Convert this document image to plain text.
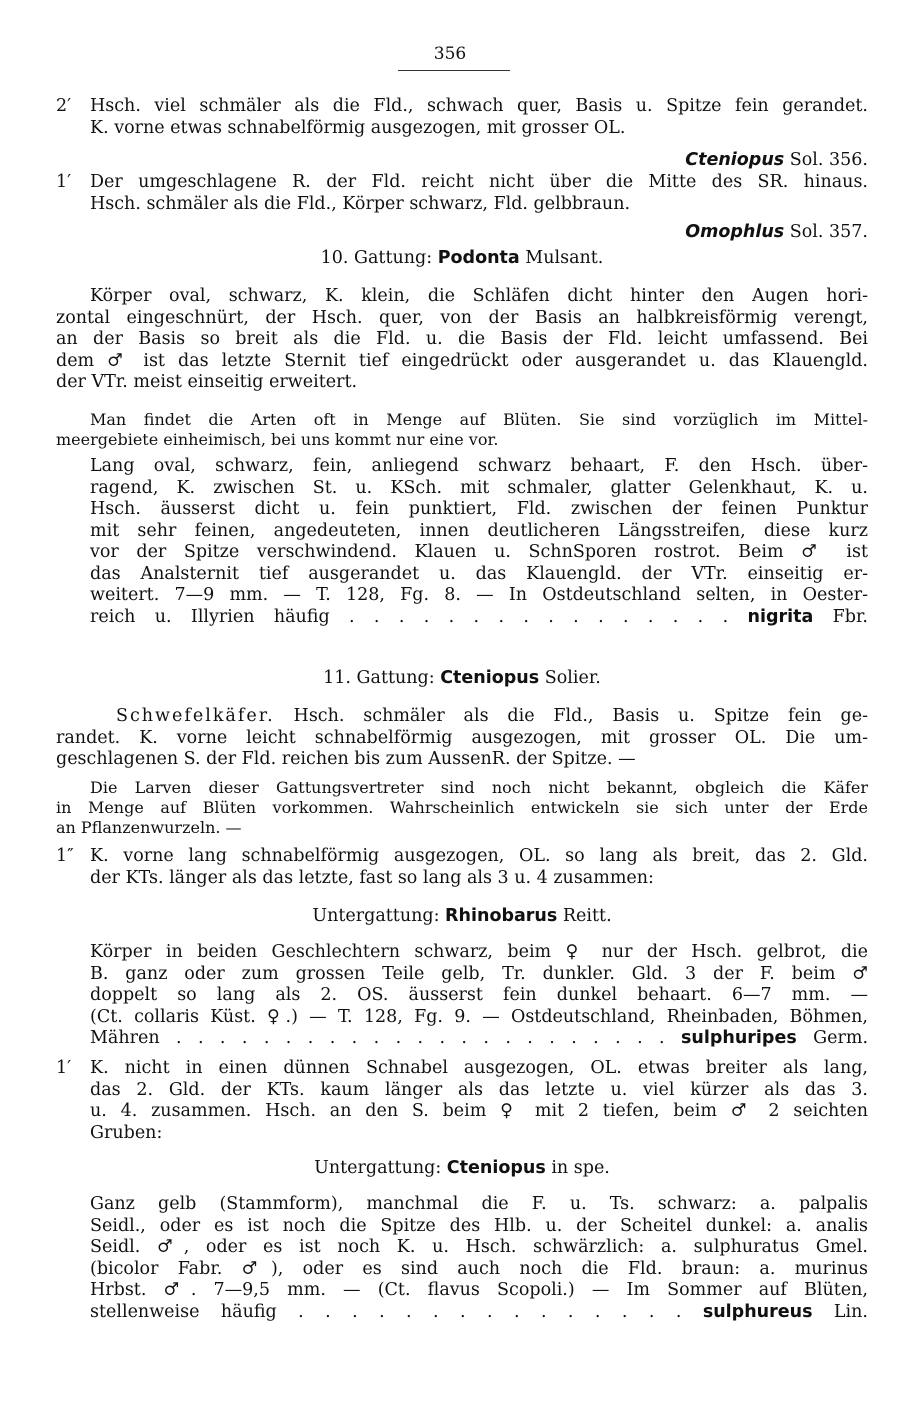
356
2′ Hsch. viel schmäler als die Fld., schwach quer, Basis u. Spitze fein gerandet.
K. vorne etwas schnabelförmig ausgezogen, mit grosser OL.
Cteniopus Sol. 356.
1′ Der umgeschlagene R. der Fld. reicht nicht über die Mitte des SR. hinaus.
Hsch. schmäler als die Fld., Körper schwarz, Fld. gelbbraun.
Omophlus Sol. 357.
10. Gattung: Podonta Mulsant.
Körper oval, schwarz, K. klein, die Schläfen dicht hinter den Augen hori-
zontal eingeschnürt, der Hsch. quer, von der Basis an halbkreisförmig verengt,
an der Basis so breit als die Fld. u. die Basis der Fld. leicht umfassend. Bei
dem ♂ ist das letzte Sternit tief eingedrückt oder ausgerandet u. das Klauengld.
der VTr. meist einseitig erweitert.
Man findet die Arten oft in Menge auf Blüten. Sie sind vorzüglich im Mittel-
meergebiete einheimisch, bei uns kommt nur eine vor.
Lang oval, schwarz, fein, anliegend schwarz behaart, F. den Hsch. über-
ragend, K. zwischen St. u. KSch. mit schmaler, glatter Gelenkhaut, K. u.
Hsch. äusserst dicht u. fein punktiert, Fld. zwischen der feinen Punktur
mit sehr feinen, angedeuteten, innen deutlicheren Längsstreifen, diese kurz
vor der Spitze verschwindend. Klauen u. SchnSporen rostrot. Beim ♂ ist
das Analsternit tief ausgerandet u. das Klauengld. der VTr. einseitig er-
weitert. 7—9 mm. — T. 128, Fg. 8. — In Ostdeutschland selten, in Oester-
reich u. Illyrien häufig . . . . . . . . . . . . . . . . nigrita Fbr.
11. Gattung: Cteniopus Solier.
Schwefelkäfer. Hsch. schmäler als die Fld., Basis u. Spitze fein ge-
randet. K. vorne leicht schnabelförmig ausgezogen, mit grosser OL. Die um-
geschlagenen S. der Fld. reichen bis zum AussenR. der Spitze. —
Die Larven dieser Gattungsvertreter sind noch nicht bekannt, obgleich die Käfer
in Menge auf Blüten vorkommen. Wahrscheinlich entwickeln sie sich unter der Erde
an Pflanzenwurzeln. —
1″ K. vorne lang schnabelförmig ausgezogen, OL. so lang als breit, das 2. Gld.
der KTs. länger als das letzte, fast so lang als 3 u. 4 zusammen:
Untergattung: Rhinobarus Reitt.
Körper in beiden Geschlechtern schwarz, beim ♀ nur der Hsch. gelbrot, die
B. ganz oder zum grossen Teile gelb, Tr. dunkler. Gld. 3 der F. beim ♂
doppelt so lang als 2. OS. äusserst fein dunkel behaart. 6—7 mm. —
(Ct. collaris Küst. ♀.) — T. 128, Fg. 9. — Ostdeutschland, Rheinbaden, Böhmen,
Mähren . . . . . . . . . . . . . . . . . . . . . . . sulphuripes Germ.
1′ K. nicht in einen dünnen Schnabel ausgezogen, OL. etwas breiter als lang,
das 2. Gld. der KTs. kaum länger als das letzte u. viel kürzer als das 3.
u. 4. zusammen. Hsch. an den S. beim ♀ mit 2 tiefen, beim ♂ 2 seichten
Gruben:
Untergattung: Cteniopus in spe.
Ganz gelb (Stammform), manchmal die F. u. Ts. schwarz: a. palpalis
Seidl., oder es ist noch die Spitze des Hlb. u. der Scheitel dunkel: a. analis
Seidl. ♂, oder es ist noch K. u. Hsch. schwärzlich: a. sulphuratus Gmel.
(bicolor Fabr. ♂), oder es sind auch noch die Fld. braun: a. murinus
Hrbst. ♂. 7—9,5 mm. — (Ct. flavus Scopoli.) — Im Sommer auf Blüten,
stellenweise häufig . . . . . . . . . . . . . . . sulphureus Lin.
